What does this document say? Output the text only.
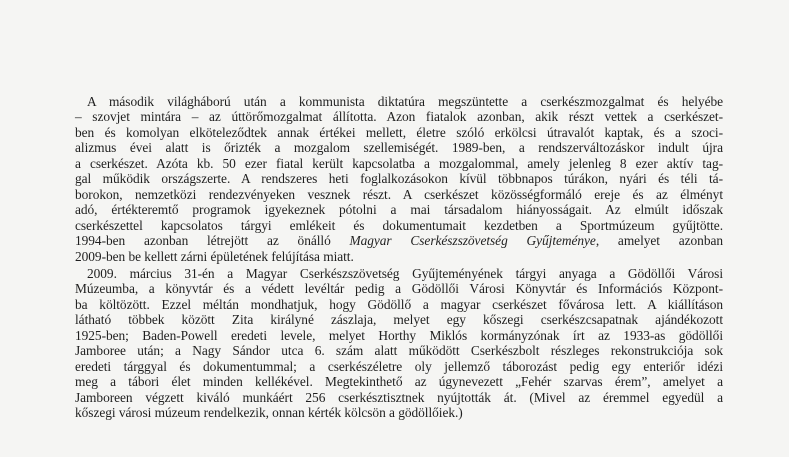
A második világháború után a kommunista diktatúra megszüntette a cserkészmozgalmat és helyébe
– szovjet mintára – az úttörőmozgalmat állította. Azon fiatalok azonban, akik részt vettek a cserkészet-
ben és komolyan elköteleződtek annak értékei mellett, életre szóló erkölcsi útravalót kaptak, és a szoci-
alizmus évei alatt is őrizték a mozgalom szellemiségét. 1989-ben, a rendszerváltozáskor indult újra
a cserkészet. Azóta kb. 50 ezer fiatal került kapcsolatba a mozgalommal, amely jelenleg 8 ezer aktív tag-
gal működik országszerte. A rendszeres heti foglalkozásokon kívül többnapos túrákon, nyári és téli tá-
borokon, nemzetközi rendezvényeken vesznek részt. A cserkészet közösségformáló ereje és az élményt
adó, értékteremtő programok igyekeznek pótolni a mai társadalom hiányosságait. Az elmúlt időszak
cserkészettel kapcsolatos tárgyi emlékeit és dokumentumait kezdetben a Sportmúzeum gyűjtötte.
1994-ben azonban létrejött az önálló Magyar Cserkészszövetség Gyűjteménye, amelyet azonban
2009-ben be kellett zárni épületének felújítása miatt.
2009. március 31-én a Magyar Cserkészszövetség Gyűjteményének tárgyi anyaga a Gödöllői Városi
Múzeumba, a könyvtár és a védett levéltár pedig a Gödöllői Városi Könyvtár és Információs Központ-
ba költözött. Ezzel méltán mondhatjuk, hogy Gödöllő a magyar cserkészet fővárosa lett. A kiállításon
látható többek között Zita királyné zászlaja, melyet egy kőszegi cserkészcsapatnak ajándékozott
1925-ben; Baden-Powell eredeti levele, melyet Horthy Miklós kormányzónak írt az 1933-as gödöllői
Jamboree után; a Nagy Sándor utca 6. szám alatt működött Cserkészbolt részleges rekonstrukciója sok
eredeti tárggyal és dokumentummal; a cserkészéletre oly jellemző táborozást pedig egy enteriőr idézi
meg a tábori élet minden kellékével. Megtekinthető az úgynevezett „Fehér szarvas érem”, amelyet a
Jamboreen végzett kiváló munkáért 256 cserkésztisztnek nyújtották át. (Mivel az éremmel egyedül a
kőszegi városi múzeum rendelkezik, onnan kérték kölcsön a gödöllőiek.)
